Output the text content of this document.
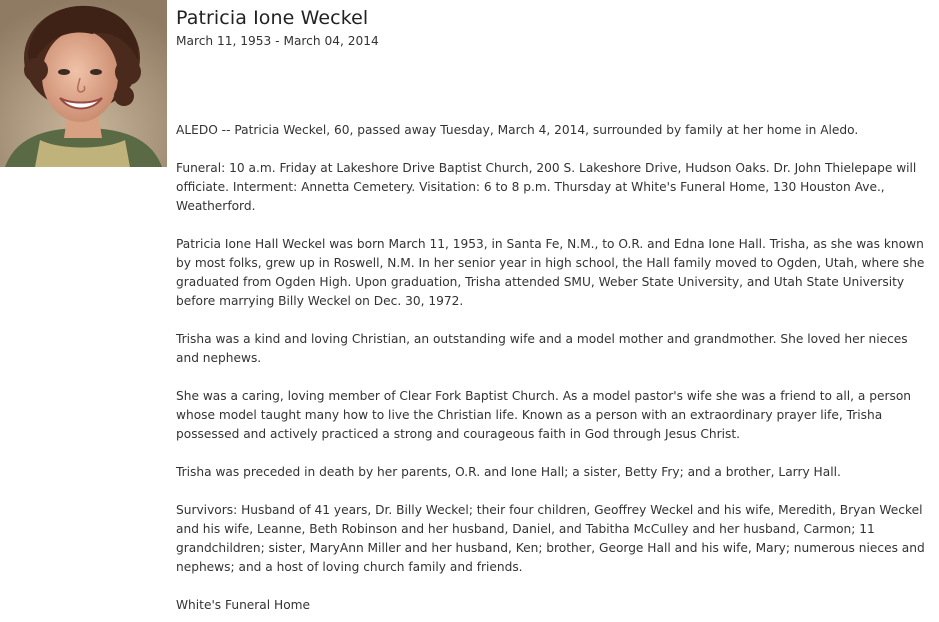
Patricia Ione Weckel
March 11, 1953 - March 04, 2014

ALEDO -- Patricia Weckel, 60, passed away Tuesday, March 4, 2014, surrounded by family at her home in Aledo.

Funeral: 10 a.m. Friday at Lakeshore Drive Baptist Church, 200 S. Lakeshore Drive, Hudson Oaks. Dr. John Thielepape will officiate. Interment: Annetta Cemetery. Visitation: 6 to 8 p.m. Thursday at White's Funeral Home, 130 Houston Ave., Weatherford.

Patricia Ione Hall Weckel was born March 11, 1953, in Santa Fe, N.M., to O.R. and Edna Ione Hall. Trisha, as she was known by most folks, grew up in Roswell, N.M. In her senior year in high school, the Hall family moved to Ogden, Utah, where she graduated from Ogden High. Upon graduation, Trisha attended SMU, Weber State University, and Utah State University before marrying Billy Weckel on Dec. 30, 1972.

Trisha was a kind and loving Christian, an outstanding wife and a model mother and grandmother. She loved her nieces and nephews.

She was a caring, loving member of Clear Fork Baptist Church. As a model pastor's wife she was a friend to all, a person whose model taught many how to live the Christian life. Known as a person with an extraordinary prayer life, Trisha possessed and actively practiced a strong and courageous faith in God through Jesus Christ.

Trisha was preceded in death by her parents, O.R. and Ione Hall; a sister, Betty Fry; and a brother, Larry Hall.

Survivors: Husband of 41 years, Dr. Billy Weckel; their four children, Geoffrey Weckel and his wife, Meredith, Bryan Weckel and his wife, Leanne, Beth Robinson and her husband, Daniel, and Tabitha McCulley and her husband, Carmon; 11 grandchildren; sister, MaryAnn Miller and her husband, Ken; brother, George Hall and his wife, Mary; numerous nieces and nephews; and a host of loving church family and friends.

White's Funeral Home
